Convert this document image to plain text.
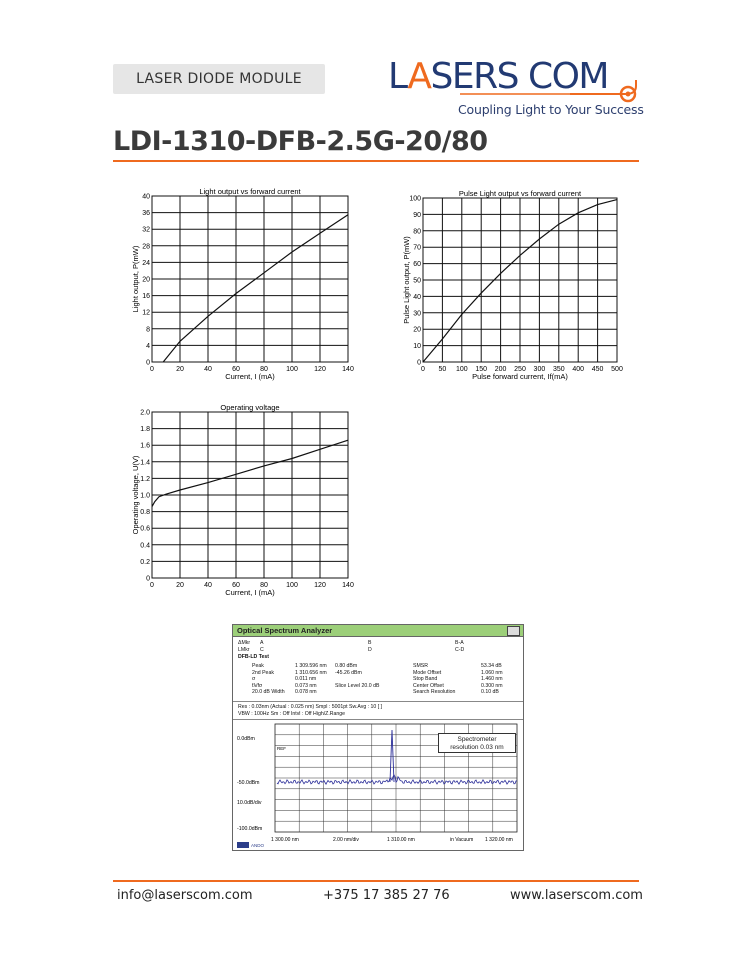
LASER DIODE MODULE	LASERS COM
Coupling Light to Your Success
LDI-1310-DFB-2.5G-20/80
0	20	40	60	80	100 120 140
0
4
8
12
16
20
24
28
32
36
40
Light output vs forward current
Current, I (mA)
Light output, P(mW)
0 50 100 150 200 250 300 350 400 450 500
0
10
20
30
40
50
60
70
80
90
100
Pulse Light output vs forward current
Pulse forward current, If(mA)
Pulse Light output, P(mW)
0	20	40	60	80	100 120 140
0
0.2
0.4
0.6
0.8
1.0
1.2
1.4
1.6
1.8
2.0
Operating voltage
Current, I (mA)
Operating voltage, U(V)
Optical Spectrum Analyzer
ΔMkr A	B	B-A
LMkr C	D	C-D
DFB-LD Test
Peak	1 309.596 nm 0.80 dBm	SMSR	53.34 dB
2nd Peak	1 310.656 nm -45.26 dBm	Mode Offset	1.060 nm
σ	0.011 nm	Stop Band	1.460 nm
fλ/fσ	0.073 nm	Slice Level 20.0 dB	Center Offset	0.300 nm
20.0 dB Width 0.078 nm	Search Resolution	0.10 dB
Res : 0.03nm (Actual : 0.025 nm) Smpl : 5001pt Sw.Avg : 10 [ ]
VBW : 100Hz Sm : Off Intvl : Off High/Z.Range
0.0dBm
-50.0dBm
10.0dB/div
-100.0dBm
REF
1 300.00 nm	2.00 nm/div	1 310.00 nm	in Vacuum 1 320.00 nm
ANDO
Spectrometer
resolution 0.03 nm
info@laserscom.com	+375 17 385 27 76	www.laserscom.com
